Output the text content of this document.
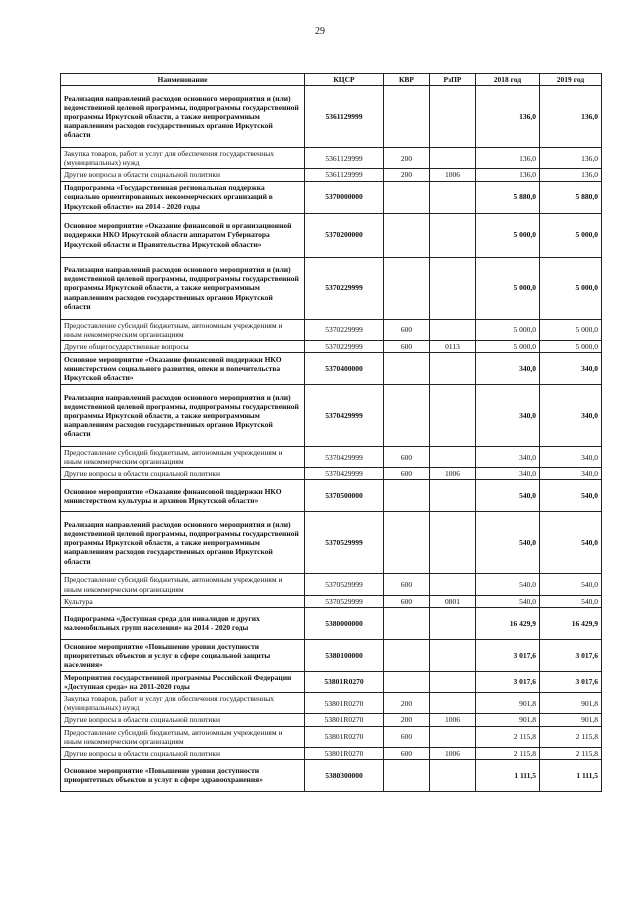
29
Наименование	КЦСР	КВР	РзПР	2018 год	2019 год
Реализация направлений расходов основного мероприятия и (или) ведомственной целевой программы, подпрограммы государственной программы Иркутской области, а также непрограммным направлениям расходов государственных органов Иркутской области	5361129999			136,0	136,0
Закупка товаров, работ и услуг для обеспечения государственных (муниципальных) нужд	5361129999	200		136,0	136,0
Другие вопросы в области социальной политики	5361129999	200	1006	136,0	136,0
Подпрограмма «Государственная региональная поддержка социально ориентированных некоммерческих организаций в Иркутской области» на 2014 - 2020 годы	5370000000			5 880,0	5 880,0
Основное мероприятие «Оказание финансовой и организационной поддержки НКО Иркутской области аппаратом Губернатора Иркутской области и Правительства Иркутской области»	5370200000			5 000,0	5 000,0
Реализация направлений расходов основного мероприятия и (или) ведомственной целевой программы, подпрограммы государственной программы Иркутской области, а также непрограммным направлениям расходов государственных органов Иркутской области	5370229999			5 000,0	5 000,0
Предоставление субсидий бюджетным, автономным учреждениям и иным некоммерческим организациям	5370229999	600		5 000,0	5 000,0
Другие общегосударственные вопросы	5370229999	600	0113	5 000,0	5 000,0
Основное мероприятие «Оказание финансовой поддержки НКО министерством социального развития, опеки и попечительства Иркутской области»	5370400000			340,0	340,0
Реализация направлений расходов основного мероприятия и (или) ведомственной целевой программы, подпрограммы государственной программы Иркутской области, а также непрограммным направлениям расходов государственных органов Иркутской области	5370429999			340,0	340,0
Предоставление субсидий бюджетным, автономным учреждениям и иным некоммерческим организациям	5370429999	600		340,0	340,0
Другие вопросы в области социальной политики	5370429999	600	1006	340,0	340,0
Основное мероприятие «Оказание финансовой поддержки НКО министерством культуры и архивов Иркутской области»	5370500000			540,0	540,0
Реализация направлений расходов основного мероприятия и (или) ведомственной целевой программы, подпрограммы государственной программы Иркутской области, а также непрограммным направлениям расходов государственных органов Иркутской области	5370529999			540,0	540,0
Предоставление субсидий бюджетным, автономным учреждениям и иным некоммерческим организациям	5370529999	600		540,0	540,0
Культура	5370529999	600	0801	540,0	540,0
Подпрограмма «Доступная среда для инвалидов и других маломобильных групп населения» на 2014 - 2020 годы	5380000000			16 429,9	16 429,9
Основное мероприятие «Повышение уровня доступности приоритетных объектов и услуг в сфере социальной защиты населения»	5380100000			3 017,6	3 017,6
Мероприятия государственной программы Российской Федерации «Доступная среда» на 2011-2020 годы	53801R0270			3 017,6	3 017,6
Закупка товаров, работ и услуг для обеспечения государственных (муниципальных) нужд	53801R0270	200		901,8	901,8
Другие вопросы в области социальной политики	53801R0270	200	1006	901,8	901,8
Предоставление субсидий бюджетным, автономным учреждениям и иным некоммерческим организациям	53801R0270	600		2 115,8	2 115,8
Другие вопросы в области социальной политики	53801R0270	600	1006	2 115,8	2 115,8
Основное мероприятие «Повышение уровня доступности приоритетных объектов и услуг в сфере здравоохранения»	5380300000			1 111,5	1 111,5
